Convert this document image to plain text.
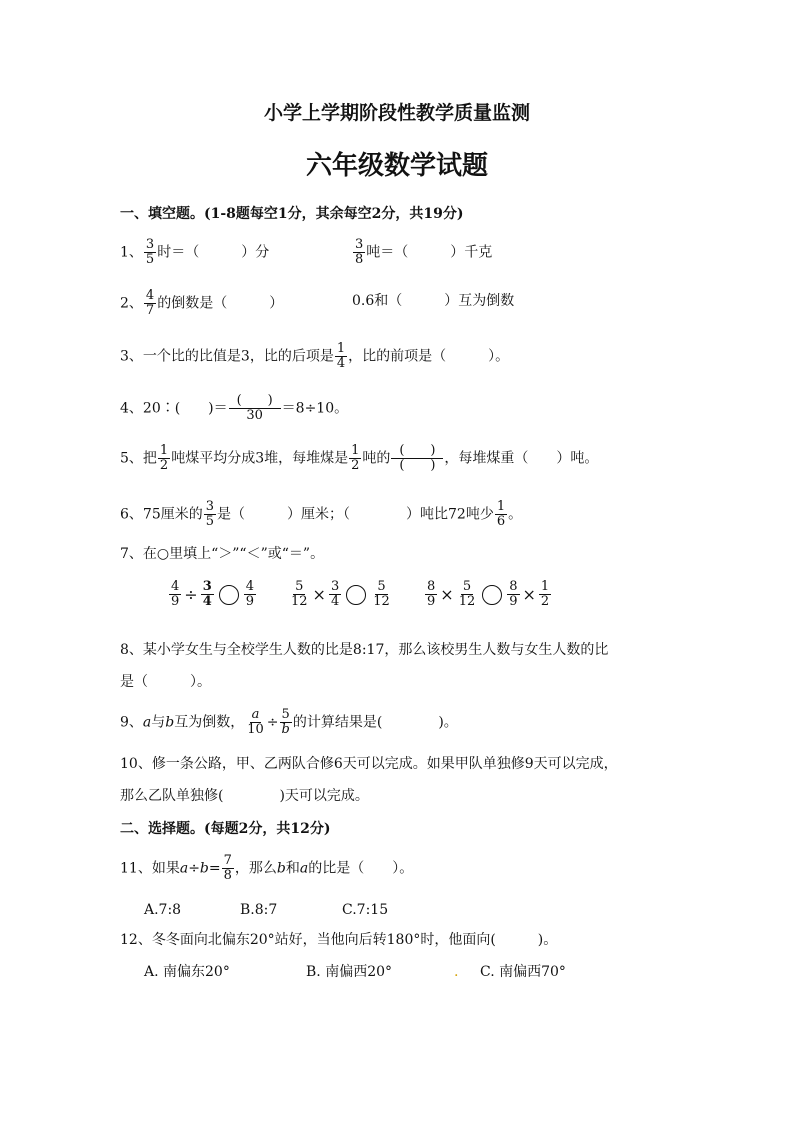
小学上学期阶段性教学质量监测
六年级数学试题
一、填空题。(1-8题每空1分，其余每空2分，共19分)
1、 $\frac{3}{5}$ 时＝（　　　）分	$\frac{3}{8}$ 吨＝（　　　）千克
2、 $\frac{4}{7}$ 的倒数是（　　　）	0.6和（　　　）互为倒数
3、一个比的比值是3，比的后项是 $\frac{1}{4}$ ，比的前项是（　　　）。
4、20∶(　　)＝ (　　)
30	＝8÷10。
5、把 $\frac{1}{2}$ 吨煤平均分成3堆，每堆煤是 $\frac{1}{2}$ 吨的 (　　)
(　　) ，每堆煤重（　　）吨。
6、75厘米的 $\frac{3}{5}$ 是（　　　）厘米；（　　　　）吨比72吨少 $\frac{1}{6}$ 。
7、在○里填上“＞”“＜”或“＝”。
$\frac{4}{9} \div \frac{3}{4} \frac{4}{9}$	$\frac{5}{12} \times \frac{3}{4} \frac{5}{12}$	$\frac{8}{9} \times \frac{5}{12} \frac{8}{9} \times \frac{1}{2}$
8、某小学女生与全校学生人数的比是8:17，那么该校男生人数与女生人数的比
是（　　　）。
9、a与b互为倒数， $\frac{a}{10} \div \frac{5}{b}$ 的计算结果是(　　　　)。
10、修一条公路，甲、乙两队合修6天可以完成。如果甲队单独修9天可以完成，
那么乙队单独修(　　　　)天可以完成。
二、选择题。(每题2分，共12分)
11、如果$a\div b= \frac{7}{8}$ ，那么b和a的比是（　　）。
A.7:8	B.8:7	C.7:15
12、冬冬面向北偏东20°站好，当他向后转180°时，他面向(　　　)。
A. 南偏东20°	B. 南偏西20°	. C. 南偏西70°
